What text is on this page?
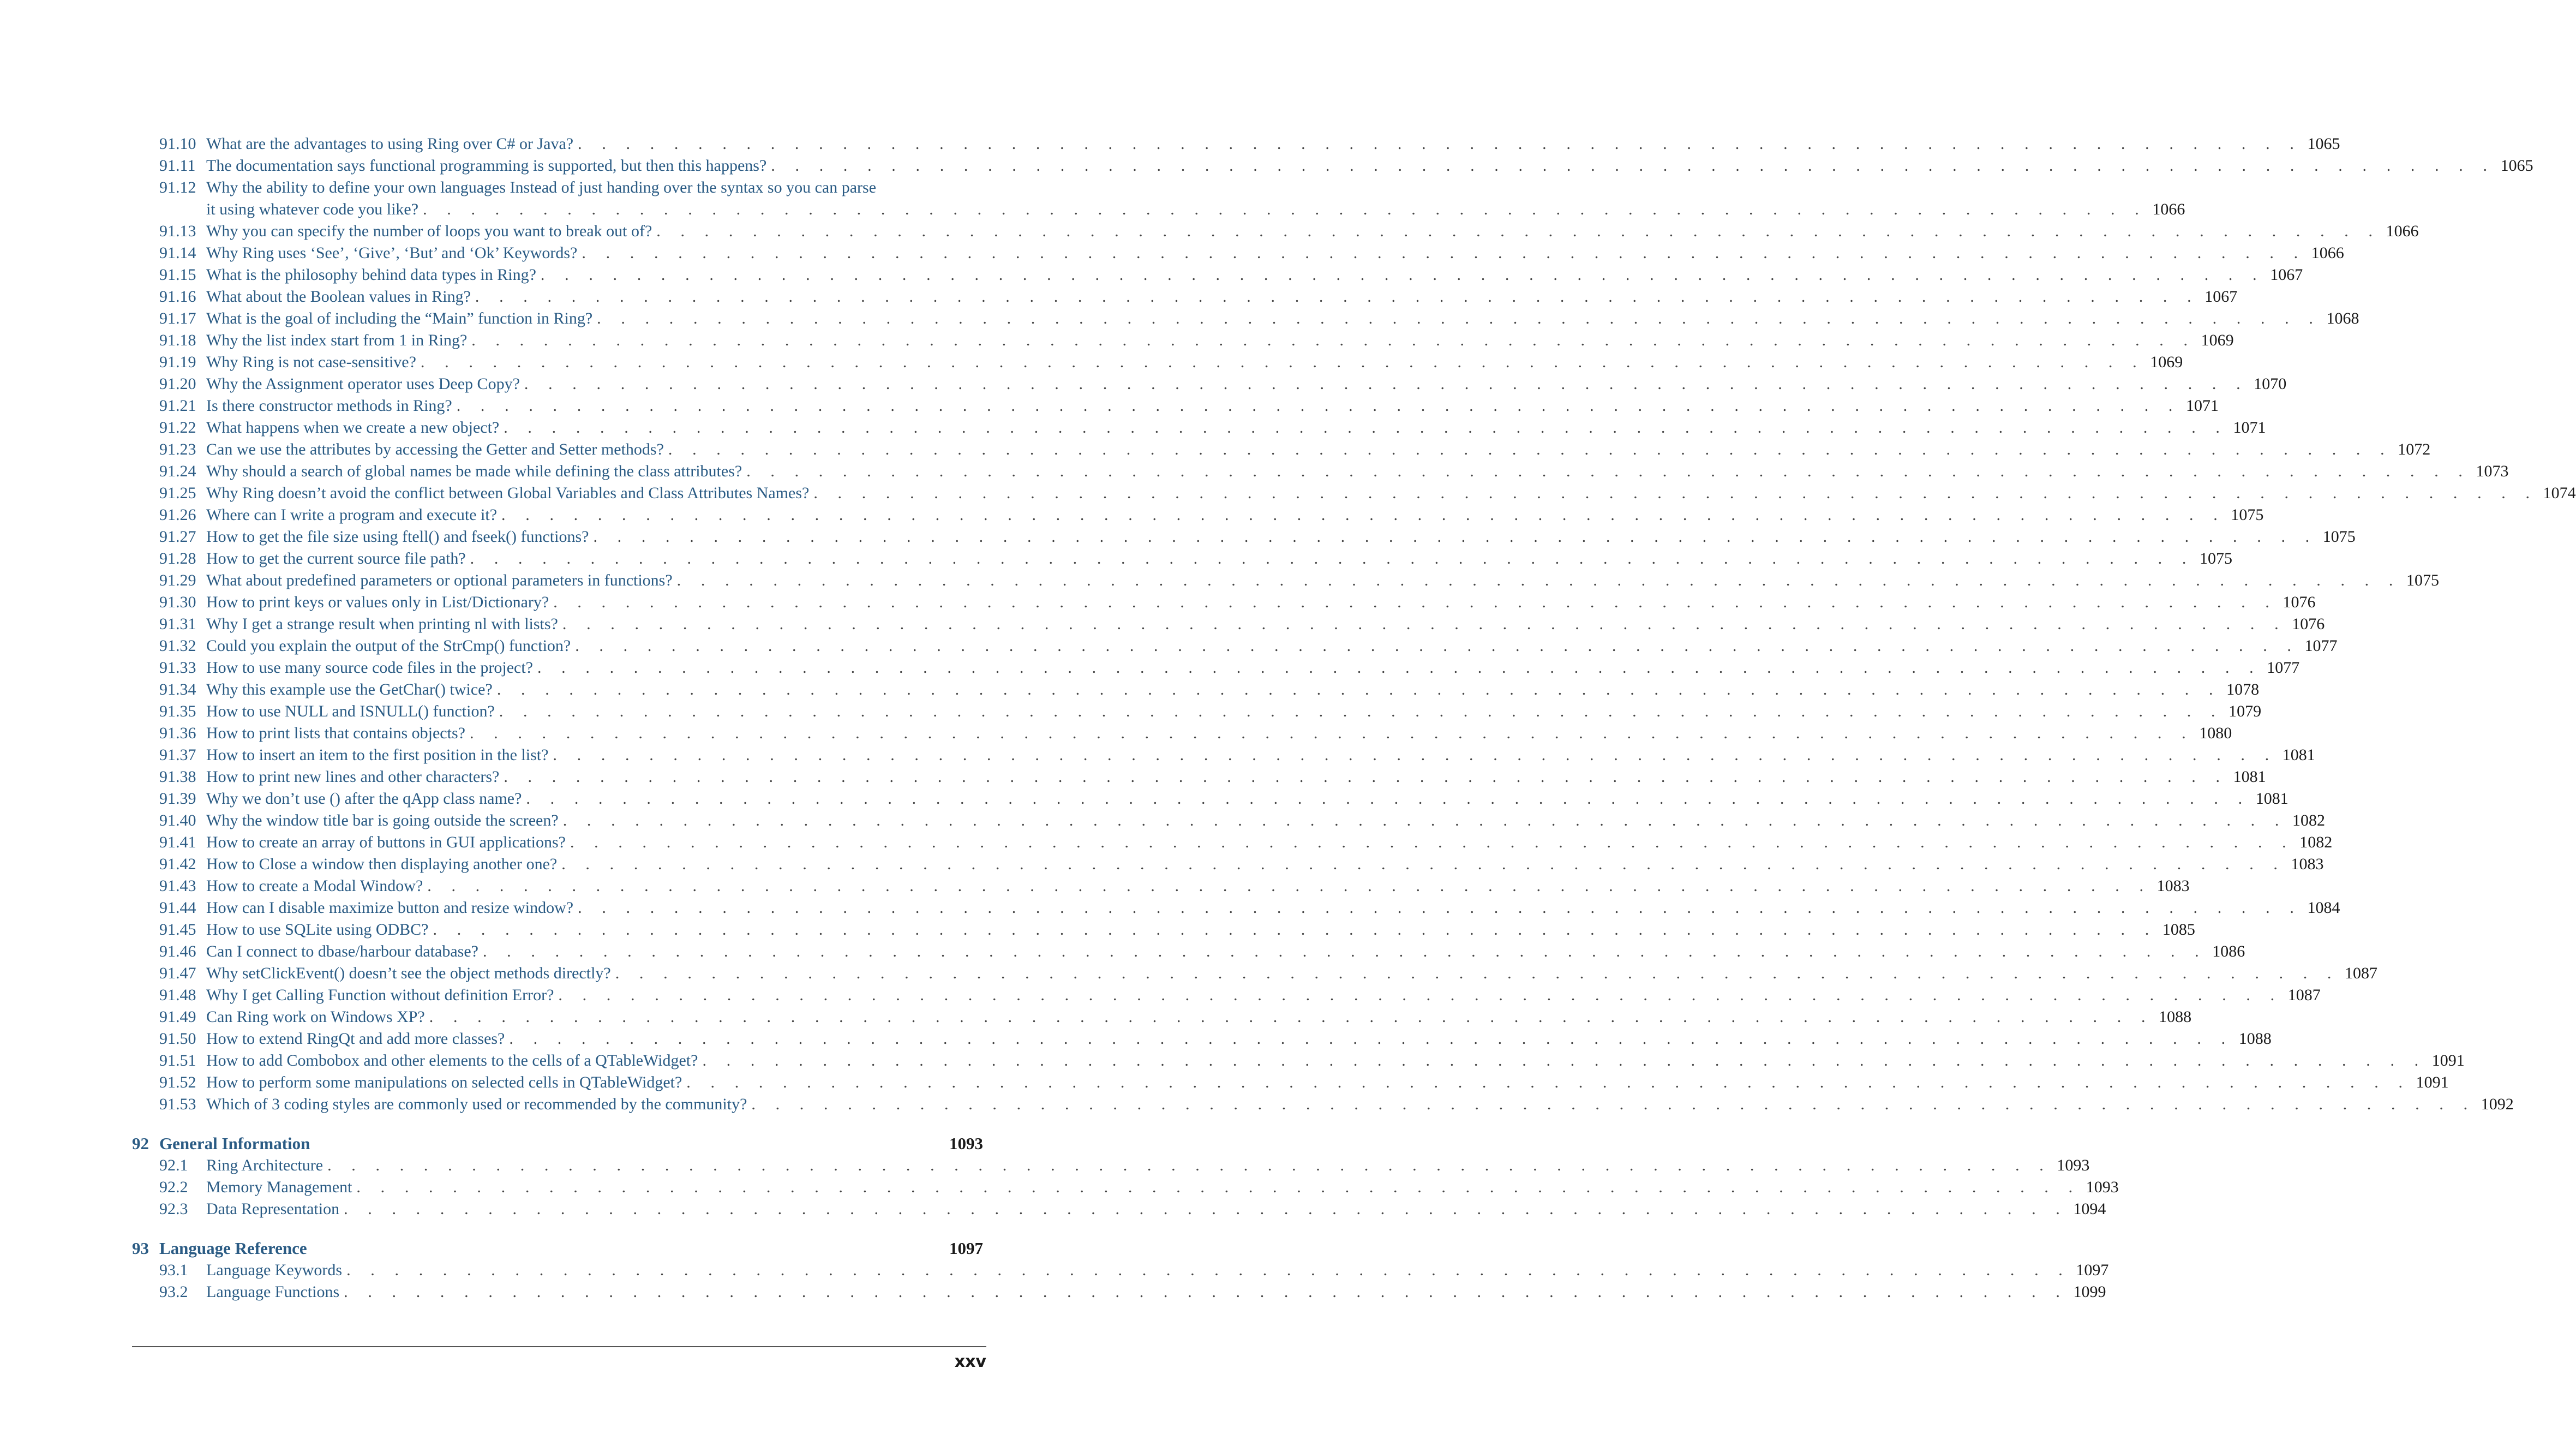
91.10 What are the advantages to using Ring over C# or Java? . . . . . . . . . . . . . . . . . . . . . . . . . . . . . . . . . . . . . . . . . . . . . . . . . . . . . . . . . . . . . . . . . . . . . . . . 1065
91.11 The documentation says functional programming is supported, but then this happens? . . . . . . . . . . . . . . . . . . . . . . . . . . . . . . . . . . . . . . . . . . . . . . . . . . . . . . . . . . . . . . . . . . . . . . . . 1065
91.12 Why the ability to define your own languages Instead of just handing over the syntax so you can parse
it using whatever code you like? . . . . . . . . . . . . . . . . . . . . . . . . . . . . . . . . . . . . . . . . . . . . . . . . . . . . . . . . . . . . . . . . . . . . . . . . 1066
91.13 Why you can specify the number of loops you want to break out of? . . . . . . . . . . . . . . . . . . . . . . . . . . . . . . . . . . . . . . . . . . . . . . . . . . . . . . . . . . . . . . . . . . . . . . . . 1066
91.14 Why Ring uses ‘See’, ‘Give’, ‘But’ and ‘Ok’ Keywords? . . . . . . . . . . . . . . . . . . . . . . . . . . . . . . . . . . . . . . . . . . . . . . . . . . . . . . . . . . . . . . . . . . . . . . . . 1066
91.15 What is the philosophy behind data types in Ring? . . . . . . . . . . . . . . . . . . . . . . . . . . . . . . . . . . . . . . . . . . . . . . . . . . . . . . . . . . . . . . . . . . . . . . . . 1067
91.16 What about the Boolean values in Ring? . . . . . . . . . . . . . . . . . . . . . . . . . . . . . . . . . . . . . . . . . . . . . . . . . . . . . . . . . . . . . . . . . . . . . . . . 1067
91.17 What is the goal of including the “Main” function in Ring? . . . . . . . . . . . . . . . . . . . . . . . . . . . . . . . . . . . . . . . . . . . . . . . . . . . . . . . . . . . . . . . . . . . . . . . . 1068
91.18 Why the list index start from 1 in Ring? . . . . . . . . . . . . . . . . . . . . . . . . . . . . . . . . . . . . . . . . . . . . . . . . . . . . . . . . . . . . . . . . . . . . . . . . 1069
91.19 Why Ring is not case-sensitive? . . . . . . . . . . . . . . . . . . . . . . . . . . . . . . . . . . . . . . . . . . . . . . . . . . . . . . . . . . . . . . . . . . . . . . . . 1069
91.20 Why the Assignment operator uses Deep Copy? . . . . . . . . . . . . . . . . . . . . . . . . . . . . . . . . . . . . . . . . . . . . . . . . . . . . . . . . . . . . . . . . . . . . . . . . 1070
91.21 Is there constructor methods in Ring? . . . . . . . . . . . . . . . . . . . . . . . . . . . . . . . . . . . . . . . . . . . . . . . . . . . . . . . . . . . . . . . . . . . . . . . . 1071
91.22 What happens when we create a new object? . . . . . . . . . . . . . . . . . . . . . . . . . . . . . . . . . . . . . . . . . . . . . . . . . . . . . . . . . . . . . . . . . . . . . . . . 1071
91.23 Can we use the attributes by accessing the Getter and Setter methods? . . . . . . . . . . . . . . . . . . . . . . . . . . . . . . . . . . . . . . . . . . . . . . . . . . . . . . . . . . . . . . . . . . . . . . . . 1072
91.24 Why should a search of global names be made while defining the class attributes? . . . . . . . . . . . . . . . . . . . . . . . . . . . . . . . . . . . . . . . . . . . . . . . . . . . . . . . . . . . . . . . . . . . . . . . . 1073
91.25 Why Ring doesn’t avoid the conflict between Global Variables and Class Attributes Names? . . . . . . . . . . . . . . . . . . . . . . . . . . . . . . . . . . . . . . . . . . . . . . . . . . . . . . . . . . . . . . . . . . . . . . . . 1074
91.26 Where can I write a program and execute it? . . . . . . . . . . . . . . . . . . . . . . . . . . . . . . . . . . . . . . . . . . . . . . . . . . . . . . . . . . . . . . . . . . . . . . . . 1075
91.27 How to get the file size using ftell() and fseek() functions? . . . . . . . . . . . . . . . . . . . . . . . . . . . . . . . . . . . . . . . . . . . . . . . . . . . . . . . . . . . . . . . . . . . . . . . . 1075
91.28 How to get the current source file path? . . . . . . . . . . . . . . . . . . . . . . . . . . . . . . . . . . . . . . . . . . . . . . . . . . . . . . . . . . . . . . . . . . . . . . . . 1075
91.29 What about predefined parameters or optional parameters in functions? . . . . . . . . . . . . . . . . . . . . . . . . . . . . . . . . . . . . . . . . . . . . . . . . . . . . . . . . . . . . . . . . . . . . . . . . 1075
91.30 How to print keys or values only in List/Dictionary? . . . . . . . . . . . . . . . . . . . . . . . . . . . . . . . . . . . . . . . . . . . . . . . . . . . . . . . . . . . . . . . . . . . . . . . . 1076
91.31 Why I get a strange result when printing nl with lists? . . . . . . . . . . . . . . . . . . . . . . . . . . . . . . . . . . . . . . . . . . . . . . . . . . . . . . . . . . . . . . . . . . . . . . . . 1076
91.32 Could you explain the output of the StrCmp() function? . . . . . . . . . . . . . . . . . . . . . . . . . . . . . . . . . . . . . . . . . . . . . . . . . . . . . . . . . . . . . . . . . . . . . . . . 1077
91.33 How to use many source code files in the project? . . . . . . . . . . . . . . . . . . . . . . . . . . . . . . . . . . . . . . . . . . . . . . . . . . . . . . . . . . . . . . . . . . . . . . . . 1077
91.34 Why this example use the GetChar() twice? . . . . . . . . . . . . . . . . . . . . . . . . . . . . . . . . . . . . . . . . . . . . . . . . . . . . . . . . . . . . . . . . . . . . . . . . 1078
91.35 How to use NULL and ISNULL() function? . . . . . . . . . . . . . . . . . . . . . . . . . . . . . . . . . . . . . . . . . . . . . . . . . . . . . . . . . . . . . . . . . . . . . . . . 1079
91.36 How to print lists that contains objects? . . . . . . . . . . . . . . . . . . . . . . . . . . . . . . . . . . . . . . . . . . . . . . . . . . . . . . . . . . . . . . . . . . . . . . . . 1080
91.37 How to insert an item to the first position in the list? . . . . . . . . . . . . . . . . . . . . . . . . . . . . . . . . . . . . . . . . . . . . . . . . . . . . . . . . . . . . . . . . . . . . . . . . 1081
91.38 How to print new lines and other characters? . . . . . . . . . . . . . . . . . . . . . . . . . . . . . . . . . . . . . . . . . . . . . . . . . . . . . . . . . . . . . . . . . . . . . . . . 1081
91.39 Why we don’t use () after the qApp class name? . . . . . . . . . . . . . . . . . . . . . . . . . . . . . . . . . . . . . . . . . . . . . . . . . . . . . . . . . . . . . . . . . . . . . . . . 1081
91.40 Why the window title bar is going outside the screen? . . . . . . . . . . . . . . . . . . . . . . . . . . . . . . . . . . . . . . . . . . . . . . . . . . . . . . . . . . . . . . . . . . . . . . . . 1082
91.41 How to create an array of buttons in GUI applications? . . . . . . . . . . . . . . . . . . . . . . . . . . . . . . . . . . . . . . . . . . . . . . . . . . . . . . . . . . . . . . . . . . . . . . . . 1082
91.42 How to Close a window then displaying another one? . . . . . . . . . . . . . . . . . . . . . . . . . . . . . . . . . . . . . . . . . . . . . . . . . . . . . . . . . . . . . . . . . . . . . . . . 1083
91.43 How to create a Modal Window? . . . . . . . . . . . . . . . . . . . . . . . . . . . . . . . . . . . . . . . . . . . . . . . . . . . . . . . . . . . . . . . . . . . . . . . . 1083
91.44 How can I disable maximize button and resize window? . . . . . . . . . . . . . . . . . . . . . . . . . . . . . . . . . . . . . . . . . . . . . . . . . . . . . . . . . . . . . . . . . . . . . . . . 1084
91.45 How to use SQLite using ODBC? . . . . . . . . . . . . . . . . . . . . . . . . . . . . . . . . . . . . . . . . . . . . . . . . . . . . . . . . . . . . . . . . . . . . . . . . 1085
91.46 Can I connect to dbase/harbour database? . . . . . . . . . . . . . . . . . . . . . . . . . . . . . . . . . . . . . . . . . . . . . . . . . . . . . . . . . . . . . . . . . . . . . . . . 1086
91.47 Why setClickEvent() doesn’t see the object methods directly? . . . . . . . . . . . . . . . . . . . . . . . . . . . . . . . . . . . . . . . . . . . . . . . . . . . . . . . . . . . . . . . . . . . . . . . . 1087
91.48 Why I get Calling Function without definition Error? . . . . . . . . . . . . . . . . . . . . . . . . . . . . . . . . . . . . . . . . . . . . . . . . . . . . . . . . . . . . . . . . . . . . . . . . 1087
91.49 Can Ring work on Windows XP? . . . . . . . . . . . . . . . . . . . . . . . . . . . . . . . . . . . . . . . . . . . . . . . . . . . . . . . . . . . . . . . . . . . . . . . . 1088
91.50 How to extend RingQt and add more classes? . . . . . . . . . . . . . . . . . . . . . . . . . . . . . . . . . . . . . . . . . . . . . . . . . . . . . . . . . . . . . . . . . . . . . . . . 1088
91.51 How to add Combobox and other elements to the cells of a QTableWidget? . . . . . . . . . . . . . . . . . . . . . . . . . . . . . . . . . . . . . . . . . . . . . . . . . . . . . . . . . . . . . . . . . . . . . . . . 1091
91.52 How to perform some manipulations on selected cells in QTableWidget? . . . . . . . . . . . . . . . . . . . . . . . . . . . . . . . . . . . . . . . . . . . . . . . . . . . . . . . . . . . . . . . . . . . . . . . . 1091
91.53 Which of 3 coding styles are commonly used or recommended by the community? . . . . . . . . . . . . . . . . . . . . . . . . . . . . . . . . . . . . . . . . . . . . . . . . . . . . . . . . . . . . . . . . . . . . . . . . 1092
92 General Information	1093
92.1	Ring Architecture . . . . . . . . . . . . . . . . . . . . . . . . . . . . . . . . . . . . . . . . . . . . . . . . . . . . . . . . . . . . . . . . . . . . . . . . 1093
92.2	Memory Management . . . . . . . . . . . . . . . . . . . . . . . . . . . . . . . . . . . . . . . . . . . . . . . . . . . . . . . . . . . . . . . . . . . . . . . . 1093
92.3	Data Representation . . . . . . . . . . . . . . . . . . . . . . . . . . . . . . . . . . . . . . . . . . . . . . . . . . . . . . . . . . . . . . . . . . . . . . . . 1094
93 Language Reference	1097
93.1	Language Keywords . . . . . . . . . . . . . . . . . . . . . . . . . . . . . . . . . . . . . . . . . . . . . . . . . . . . . . . . . . . . . . . . . . . . . . . . 1097
93.2	Language Functions . . . . . . . . . . . . . . . . . . . . . . . . . . . . . . . . . . . . . . . . . . . . . . . . . . . . . . . . . . . . . . . . . . . . . . . . 1099
xxv
